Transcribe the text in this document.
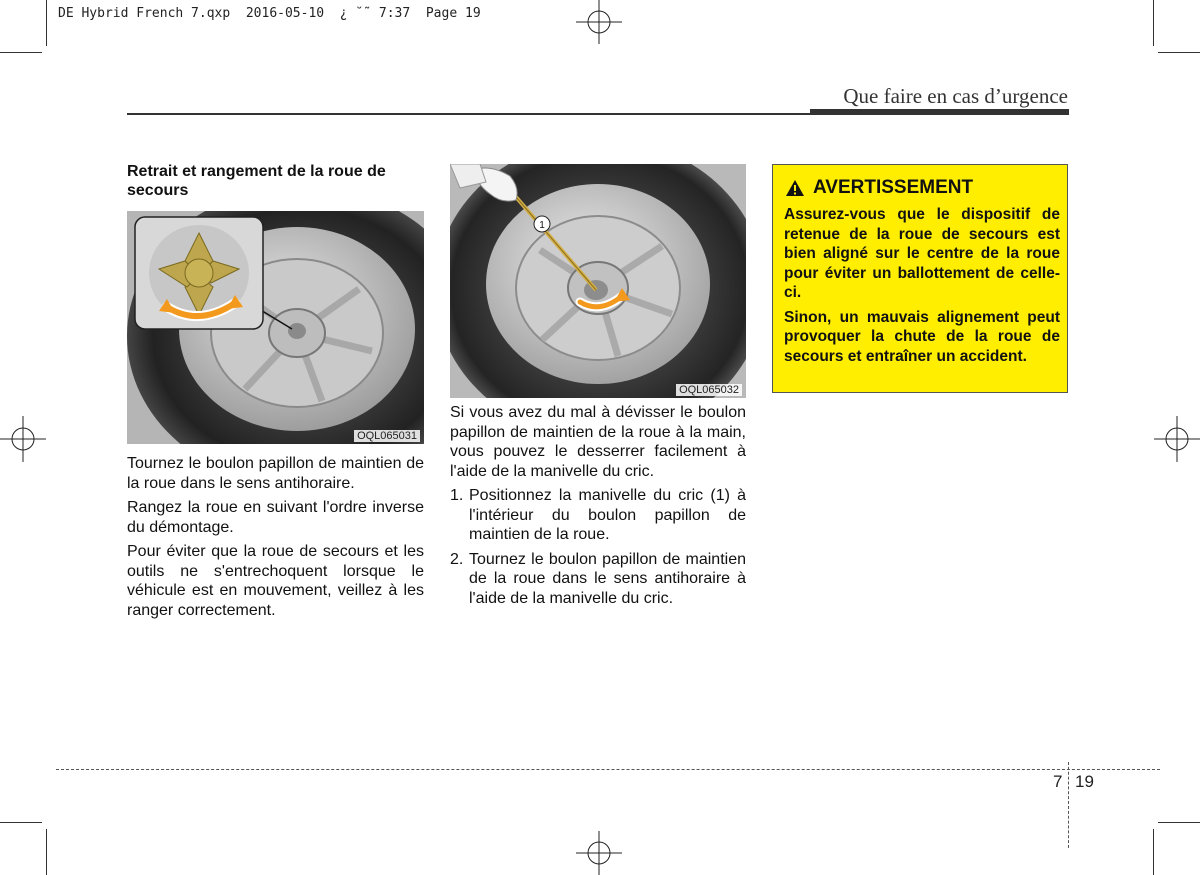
DE Hybrid French 7.qxp  2016-05-10  ¿ ˘˜ 7:37  Page 19
Que faire en cas d’urgence
Retrait et rangement de la roue de secours
OQL065031

Tournez le boulon papillon de maintien de la roue dans le sens antihoraire.

Rangez la roue en suivant l'ordre inverse du démontage.

Pour éviter que la roue de secours et les outils ne s'entrechoquent lorsque le véhicule est en mouvement, veillez à les ranger correctement.

1
OQL065032

Si vous avez du mal à dévisser le boulon papillon de maintien de la roue à la main, vous pouvez le desserrer facilement à l'aide de la manivelle du cric.

1. Positionnez la manivelle du cric (1) à l'intérieur du boulon papillon de maintien de la roue.
2. Tournez le boulon papillon de maintien de la roue dans le sens antihoraire à l'aide de la manivelle du cric.
AVERTISSEMENT

Assurez-vous que le dispositif de retenue de la roue de secours est bien aligné sur le centre de la roue pour éviter un ballottement de celle-ci.

Sinon, un mauvais alignement peut provoquer la chute de la roue de secours et entraîner un accident.

7 19
